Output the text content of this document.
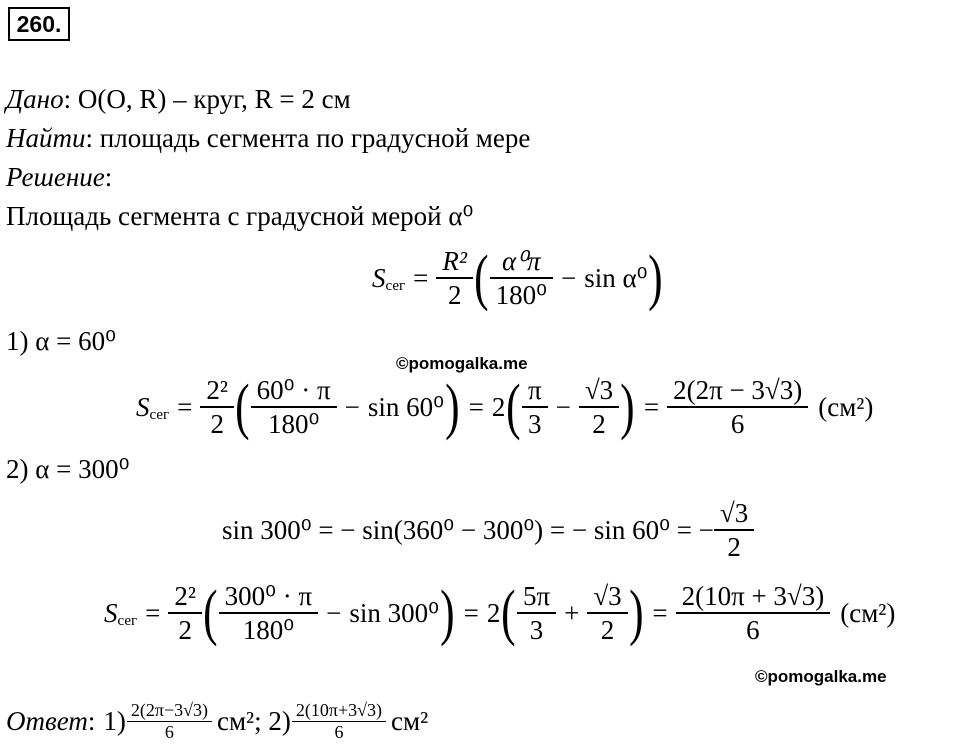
260.
Дано: O(O, R) – круг, R = 2 см
Найти: площадь сегмента по градусной мере
Решение:
Площадь сегмента с градусной мерой α⁰
S сег = $\frac{\text{R²}}{2}$ ( $\frac{\text{α⁰π}}{\text{180⁰}} - \sin \alpha^0$ )
1) α = 60⁰
©pomogalka.me
S сег = $\frac{\text{2²}}{2}$ ( $\frac{\text{60⁰ · π}}{\text{180⁰}} - \sin 60^0$ ) = 2 ( $\frac{\pi}{3} - \frac{√3}{2}$ ) = $\frac{2(2\pi - 3√3)}{6} (см^2)$
2) α = 300⁰
sin 300⁰ = − sin(360⁰ − 300⁰) = − sin 60⁰ = − $\frac{√3}{2}$
S сег = $\frac{\text{2²}}{2}$ ( $\frac{\text{300⁰ · π}}{\text{180⁰}} - \sin 300^0$ ) = 2 ( $\frac{5\pi}{3} + \frac{√3}{2}$ ) = $\frac{2(10\pi + 3√3)}{6} (см^2)$
©pomogalka.me
Ответ : $1) \frac{2(2\pi-3√3)}{6} см^2$; $2) \frac{2(10\pi+3√3)}{6} см^2$
